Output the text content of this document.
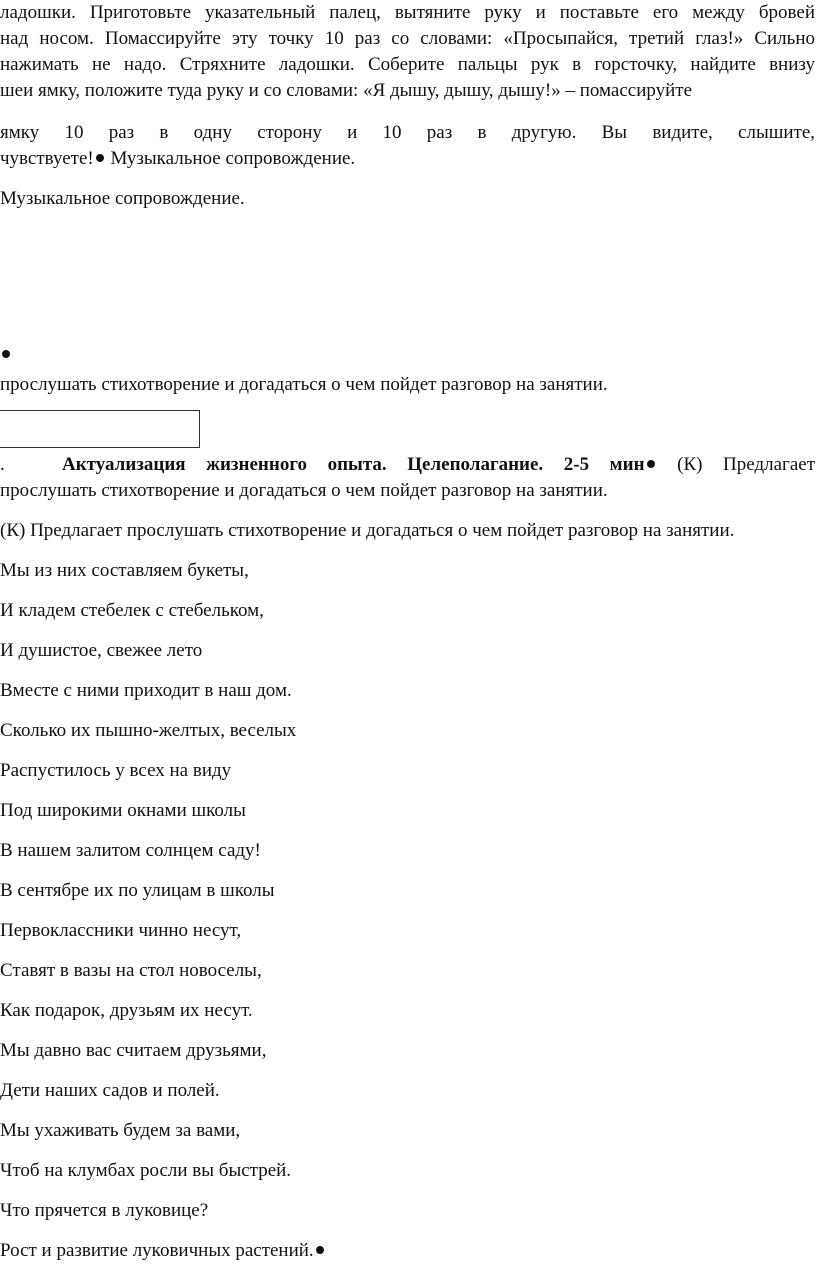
ладошки. Приготовьте указательный палец, вытяните руку и поставьте его между бровей

над носом. Помассируйте эту точку 10 раз со словами: «Просыпайся, третий глаз!» Сильно

нажимать не надо. Стряхните ладошки. Соберите пальцы рук в горсточку, найдите внизу

шеи ямку, положите туда руку и со словами: «Я дышу, дышу, дышу!» – помассируйте

ямку 10 раз в одну сторону и 10 раз в другую. Вы видите, слышите,

чувствуете! Музыкальное сопровождение.

Музыкальное сопровождение.

прослушать стихотворение и догадаться о чем пойдет разговор на занятии.

.	Актуализация жизненного опыта. Целеполагание. 2-5 мин (К) Предлагает

прослушать стихотворение и догадаться о чем пойдет разговор на занятии.

(К) Предлагает прослушать стихотворение и догадаться о чем пойдет разговор на занятии.

Мы из них составляем букеты,

И кладем стебелек с стебельком,

И душистое, свежее лето

Вместе с ними приходит в наш дом.

Сколько их пышно-желтых, веселых

Распустилось у всех на виду

Под широкими окнами школы

В нашем залитом солнцем саду!

В сентябре их по улицам в школы

Первоклассники чинно несут,

Ставят в вазы на стол новоселы,

Как подарок, друзьям их несут.

Мы давно вас считаем друзьями,

Дети наших садов и полей.

Мы ухаживать будем за вами,

Чтоб на клумбах росли вы быстрей.

Что прячется в луковице?

Рост и развитие луковичных растений.
